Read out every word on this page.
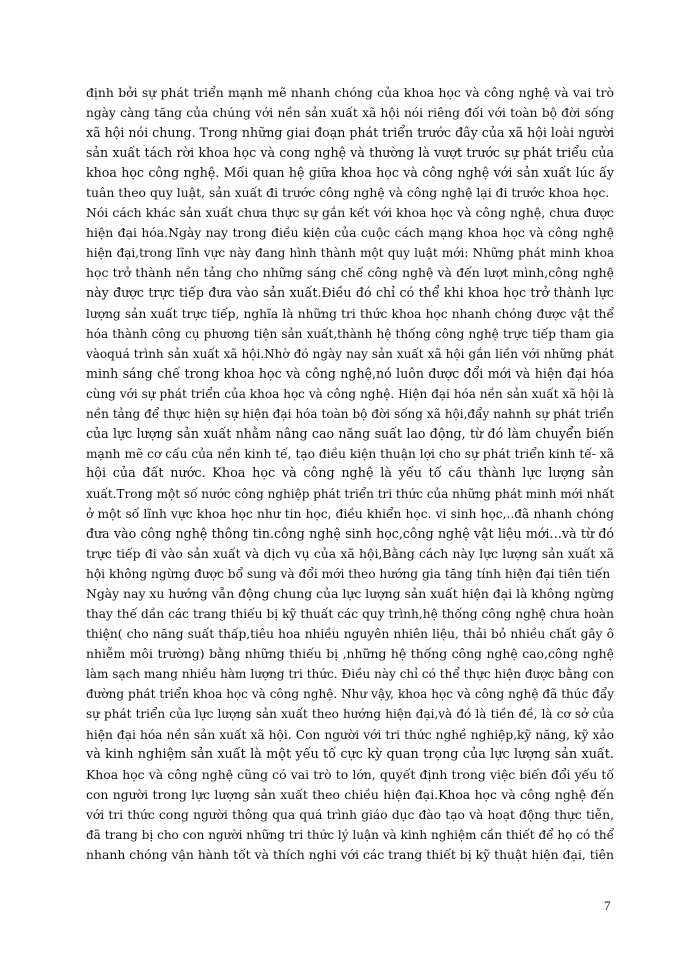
định bởi sự phát triển mạnh mẽ nhanh chóng của khoa học và công nghệ và vai trò
ngày càng tăng của chúng với nền sản xuất xã hội nói riêng đối với toàn bộ đời sống
xã hội nói chung. Trong những giai đoạn phát triển trước đây của xã hội loài người
sản xuất tách rời khoa học và cong nghệ và thường là vượt trước sự phát triểu của
khoa học công nghệ. Mối quan hệ giữa khoa học và công nghệ với sản xuất lúc ấy
tuân theo quy luật, sản xuất đi trước công nghệ và công nghệ lại đi trước khoa học.
Nói cách khác sản xuất chưa thực sự gắn kết với khoa học và công nghệ, chưa được
hiện đại hóa.Ngày nay trong điều kiện của cuộc cách mạng khoa học và công nghệ
hiện đại,trong lĩnh vực này đang hình thành một quy luật mới: Những phát minh khoa
học trở thành nền tảng cho những sáng chế công nghệ và đến lượt mình,công nghệ
này được trực tiếp đưa vào sản xuất.Điều đó chỉ có thể khi khoa học trở thành lực
lượng sản xuất trực tiếp, nghĩa là những tri thức khoa học nhanh chóng được vật thể
hóa thành công cụ phương tiện sản xuất,thành hệ thống công nghệ trực tiếp tham gia
vàoquá trình sản xuất xã hội.Nhờ đó ngày nay sản xuất xã hội gắn liền với những phát
minh sáng chế trong khoa học và công nghệ,nó luôn được đổi mới và hiện đại hóa
cùng với sự phát triển của khoa học và công nghệ. Hiện đại hóa nền sản xuất xã hội là
nền tảng để thực hiện sự hiện đại hóa toàn bộ đời sống xã hội,đẩy nahnh sự phát triển
của lực lượng sản xuất nhằm nâng cao năng suất lao động, từ đó làm chuyển biến
mạnh mẽ cơ cấu của nền kinh tế, tạo điều kiện thuận lợi cho sự phát triển kinh tế- xã
hội của đất nước. Khoa học và công nghệ là yếu tố cấu thành lực lượng sản
xuất.Trong một số nước công nghiệp phát triển tri thức của những phát minh mới nhất
ở một số lĩnh vực khoa học như tin học, điều khiển học. vi sinh học,..đã nhanh chóng
đưa vào công nghệ thông tin.công nghệ sinh học,công nghệ vật liệu mới…và từ đó
trực tiếp đi vào sản xuất và dịch vụ của xã hội,Bằng cách này lực lượng sản xuất xã
hội không ngừng được bổ sung và đổi mới theo hướng gia tăng tính hiện đại tiên tiến
Ngày nay xu hướng vẫn động chung của lực lượng sản xuất hiện đại là không ngừng
thay thế dần các trang thiếu bị kỹ thuất các quy trình,hệ thống công nghệ chưa hoàn
thiện( cho năng suất thấp,tiêu hoa nhiều nguyên nhiên liệu, thải bỏ nhiều chất gây ô
nhiễm môi trường) bằng những thiếu bị ,những hệ thống công nghệ cao,công nghệ
làm sạch mang nhiều hàm lượng tri thức. Điều này chỉ có thể thực hiện được bằng con
đường phát triển khoa học và công nghệ. Như vậy, khoa học và công nghệ đã thúc đẩy
sự phát triển của lực lượng sản xuất theo hướng hiện đại,và đó là tiền đề, là cơ sở của
hiện đại hóa nền sản xuất xã hội. Con người với tri thức nghề nghiệp,kỹ năng, kỹ xảo
và kinh nghiệm sản xuất là một yếu tố cực kỳ quan trọng của lực lượng sản xuất.
Khoa học và công nghệ cũng có vai trò to lớn, quyết định trong việc biến đổi yếu tố
con người trong lực lượng sản xuất theo chiều hiện đại.Khoa học và công nghệ đến
với tri thức cong người thông qua quá trình giáo dục đào tạo và hoạt động thực tiễn,
đã trang bị cho con người những tri thức lý luận và kinh nghiệm cần thiết để họ có thể
nhanh chóng vận hành tốt và thích nghi với các trang thiết bị kỹ thuật hiện đại, tiên
7
